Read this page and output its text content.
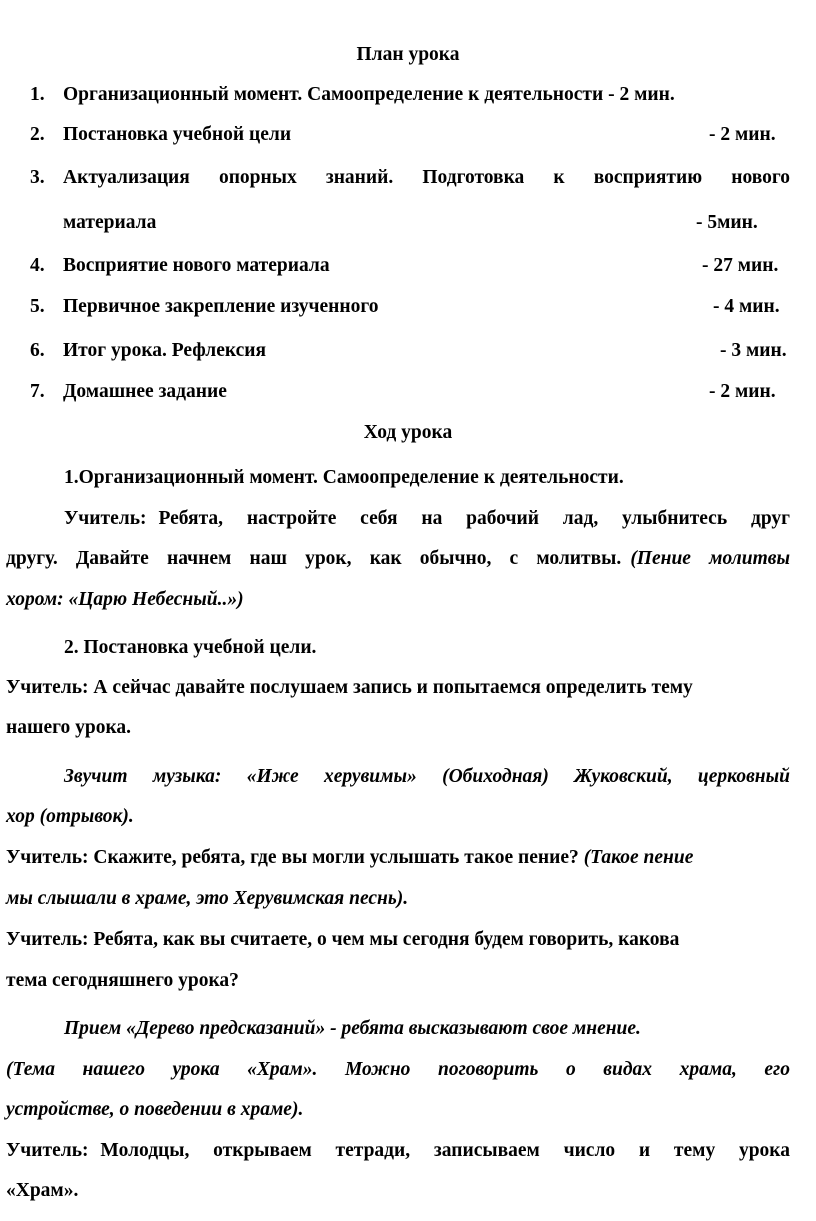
План урока
1. Организационный момент. Самоопределение к деятельности - 2 мин.
2. Постановка учебной цели	- 2 мин.
3. Актуализация  опорных  знаний.  Подготовка  к  восприятию  нового
материала	- 5мин.
4. Восприятие нового материала	- 27 мин.
5. Первичное закрепление изученного	- 4 мин.
6. Итог урока. Рефлексия	- 3 мин.
7. Домашнее задание	- 2 мин.
Ход урока
1.Организационный момент. Самоопределение к деятельности.
Учитель: Ребята,  настройте  себя  на  рабочий  лад,  улыбнитесь  друг
другу.  Давайте  начнем  наш  урок,  как  обычно,  с  молитвы. (Пение  молитвы
хором: «Царю Небесный..»)
2. Постановка учебной цели.
Учитель: А сейчас давайте послушаем запись и попытаемся определить тему
нашего урока.
Звучит  музыка:  «Иже  херувимы»  (Обиходная)  Жуковский,  церковный
хор (отрывок).
Учитель: Скажите, ребята, где вы могли услышать такое пение? (Такое пение
мы слышали в храме, это Херувимская песнь).
Учитель: Ребята, как вы считаете, о чем мы сегодня будем говорить, какова
тема сегодняшнего урока?
Прием «Дерево предсказаний» - ребята высказывают свое мнение.
(Тема  нашего  урока  «Храм».  Можно  поговорить  о  видах  храма,  его
устройстве, о поведении в храме).
Учитель: Молодцы,  открываем  тетради,  записываем  число  и  тему  урока
«Храм».
